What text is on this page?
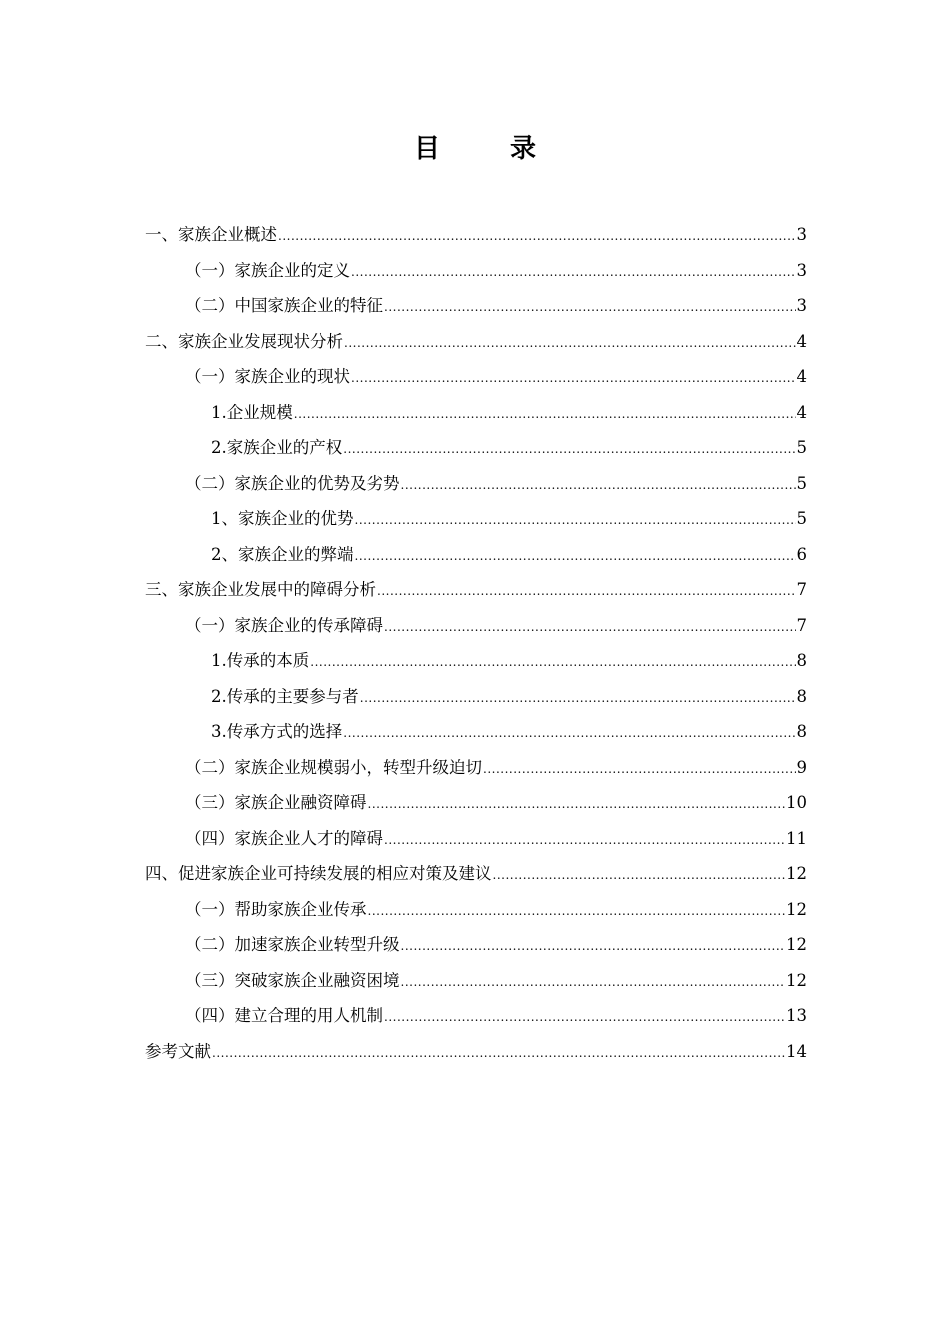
目　录
一、家族企业概述 .....	3
（一）家族企业的定义 .....	3
（二）中国家族企业的特征 .....	3
二、家族企业发展现状分析 .....	4
（一）家族企业的现状 .....	4
1.企业规模 .....	4
2.家族企业的产权 .....	5
（二）家族企业的优势及劣势 .....	5
1、家族企业的优势 .....	5
2、家族企业的弊端 .....	6
三、家族企业发展中的障碍分析 .....	7
（一）家族企业的传承障碍 .....	7
1.传承的本质 .....	8
2.传承的主要参与者 .....	8
3.传承方式的选择 .....	8
（二）家族企业规模弱小，转型升级迫切 .....	9
（三）家族企业融资障碍 .....	10
（四）家族企业人才的障碍 .....	11
四、促进家族企业可持续发展的相应对策及建议 .....	12
（一）帮助家族企业传承 .....	12
（二）加速家族企业转型升级 .....	12
（三）突破家族企业融资困境 .....	12
（四）建立合理的用人机制 .....	13
参考文献 .....	14
